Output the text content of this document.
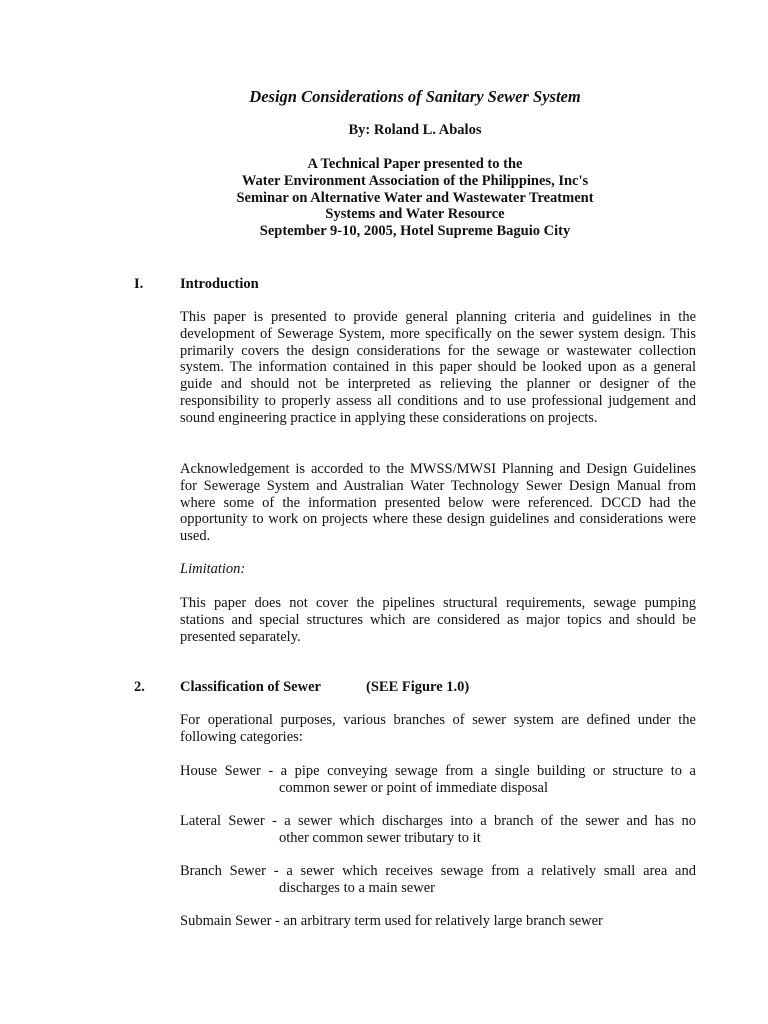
Design Considerations of Sanitary Sewer System
By: Roland L. Abalos
A Technical Paper presented to the
Water Environment Association of the Philippines, Inc's
Seminar on Alternative Water and Wastewater Treatment
Systems and Water Resource
September 9-10, 2005, Hotel Supreme Baguio City
I.	Introduction

This paper is presented to provide general planning criteria and guidelines in the development of Sewerage System, more specifically on the sewer system design. This primarily covers the design considerations for the sewage or wastewater collection system. The information contained in this paper should be looked upon as a general guide and should not be interpreted as relieving the planner or designer of the responsibility to properly assess all conditions and to use professional judgement and sound engineering practice in applying these considerations on projects.

Acknowledgement is accorded to the MWSS/MWSI Planning and Design Guidelines for Sewerage System and Australian Water Technology Sewer Design Manual from where some of the information presented below were referenced. DCCD had the opportunity to work on projects where these design guidelines and considerations were used.

Limitation:

This paper does not cover the pipelines structural requirements, sewage pumping stations and special structures which are considered as major topics and should be presented separately.

2. Classification of Sewer	(SEE Figure 1.0)

For operational purposes, various branches of sewer system are defined under the following categories:

House Sewer - a pipe conveying sewage from a single building or structure to a
common sewer or point of immediate disposal
Lateral Sewer - a sewer which discharges into a branch of the sewer and has no
other common sewer tributary to it
Branch Sewer - a sewer which receives sewage from a relatively small area and
discharges to a main sewer
Submain Sewer - an arbitrary term used for relatively large branch sewer
